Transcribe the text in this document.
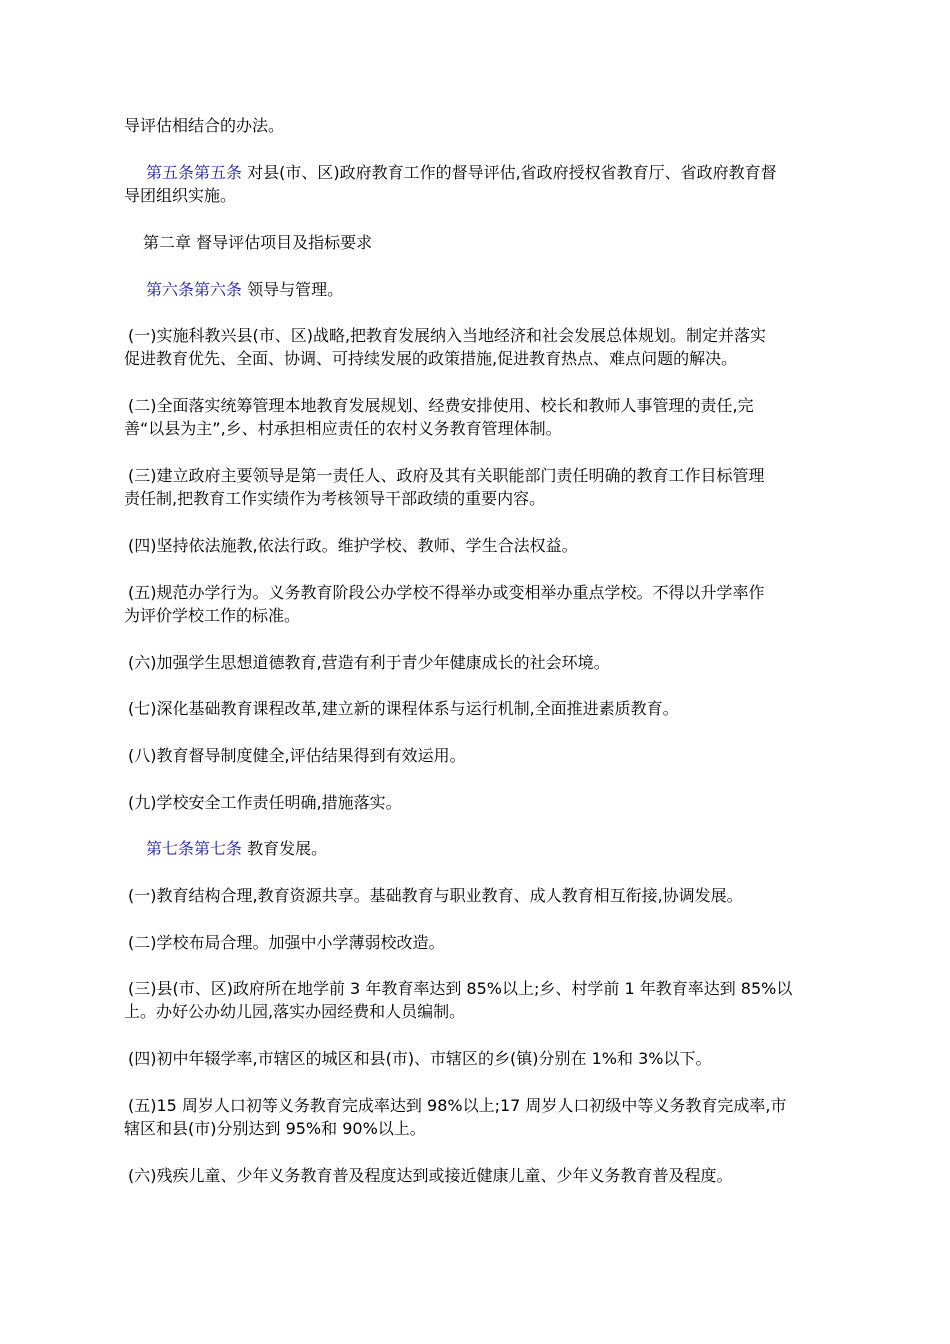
导评估相结合的办法。
第五条第五条 对县(市、区)政府教育工作的督导评估,省政府授权省教育厅、省政府教育督
导团组织实施。
第二章 督导评估项目及指标要求
第六条第六条 领导与管理。
(一)实施科教兴县(市、区)战略,把教育发展纳入当地经济和社会发展总体规划。制定并落实
促进教育优先、全面、协调、可持续发展的政策措施,促进教育热点、难点问题的解决。
(二)全面落实统筹管理本地教育发展规划、经费安排使用、校长和教师人事管理的责任,完
善“以县为主”,乡、村承担相应责任的农村义务教育管理体制。
(三)建立政府主要领导是第一责任人、政府及其有关职能部门责任明确的教育工作目标管理
责任制,把教育工作实绩作为考核领导干部政绩的重要内容。
(四)坚持依法施教,依法行政。维护学校、教师、学生合法权益。
(五)规范办学行为。义务教育阶段公办学校不得举办或变相举办重点学校。不得以升学率作
为评价学校工作的标准。
(六)加强学生思想道德教育,营造有利于青少年健康成长的社会环境。
(七)深化基础教育课程改革,建立新的课程体系与运行机制,全面推进素质教育。
(八)教育督导制度健全,评估结果得到有效运用。
(九)学校安全工作责任明确,措施落实。
第七条第七条 教育发展。
(一)教育结构合理,教育资源共享。基础教育与职业教育、成人教育相互衔接,协调发展。
(二)学校布局合理。加强中小学薄弱校改造。
(三)县(市、区)政府所在地学前 3 年教育率达到 85%以上;乡、村学前 1 年教育率达到 85%以
上。办好公办幼儿园,落实办园经费和人员编制。
(四)初中年辍学率,市辖区的城区和县(市)、市辖区的乡(镇)分别在 1%和 3%以下。
(五)15 周岁人口初等义务教育完成率达到 98%以上;17 周岁人口初级中等义务教育完成率,市
辖区和县(市)分别达到 95%和 90%以上。
(六)残疾儿童、少年义务教育普及程度达到或接近健康儿童、少年义务教育普及程度。
